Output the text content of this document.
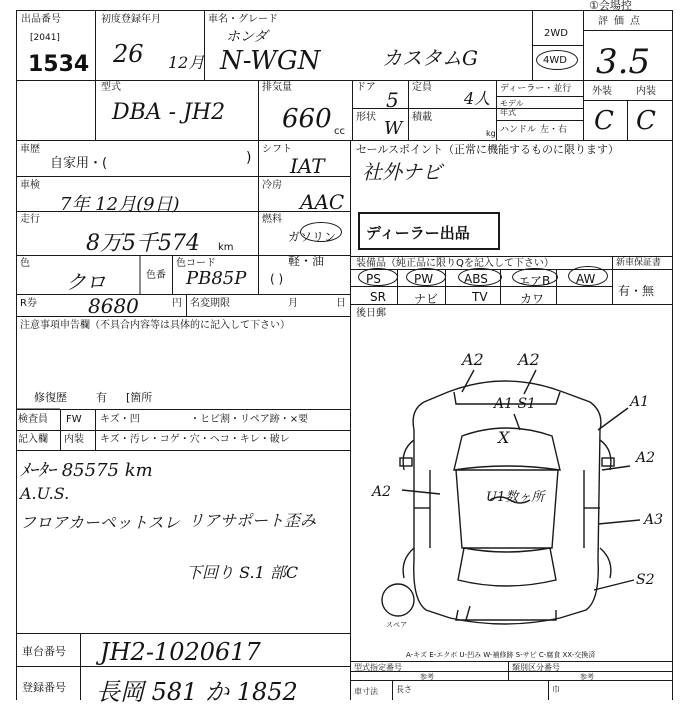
出品番号
[2041]
1534
初度登録年月
26 12月
車名・グレード
ホンダ
N-WGN	カスタムG
2WD
4WD
評価点
3.5
①会場控
型式
DBA - JH2
排気量
660 cc
ドア
5
形状
W
定員
4人
積載
kg
ディーラー・並行
モデル年式
ハンドル 左・右
外装 内装
C C
車歴
自家用・(	)
シフト
IAT
車検
7年 12月(9日)
冷房
AAC
走行
8万5千574 km
燃料
ガソリン
軽・油
( )
色
クロ	色番
色コード
PB85P
セールスポイント（正常に機能するものに限ります）
社外ナビ
ディーラー出品
装備品（純正品に限りQを記入して下さい）	新車保証書
PS	PW	ABS	エアB AW
SR ナビ	TV	カワ
有・無
R券	8680	円 名変期限	月	日
後日郵
注意事項申告欄（不具合内容等は具体的に記入して下さい）
修復歴	有 [箇所
検査員
記入欄
FW キズ・凹	・ヒビ割・リペア跡・×要
内装 キズ・汚レ・コゲ・穴・ヘコ・キレ・破レ
ﾒｰﾀｰ 85575 km
A.U.S.
フロアカーペットスレ リアサポート歪み
下回り S.1 部C
A2 A2
A1 S1	A1
A2
A3
S2
A2
X
U1数ヶ所
スペア
A-キズ E-エクボ U-凹み W-補修跡 S-サビ C-腐食 XX-交換済
車台番号 JH2-1020617
登録番号 長岡 581 か 1852
型式指定番号	類別区分番号
参考	参考
車寸法 長さ	巾
